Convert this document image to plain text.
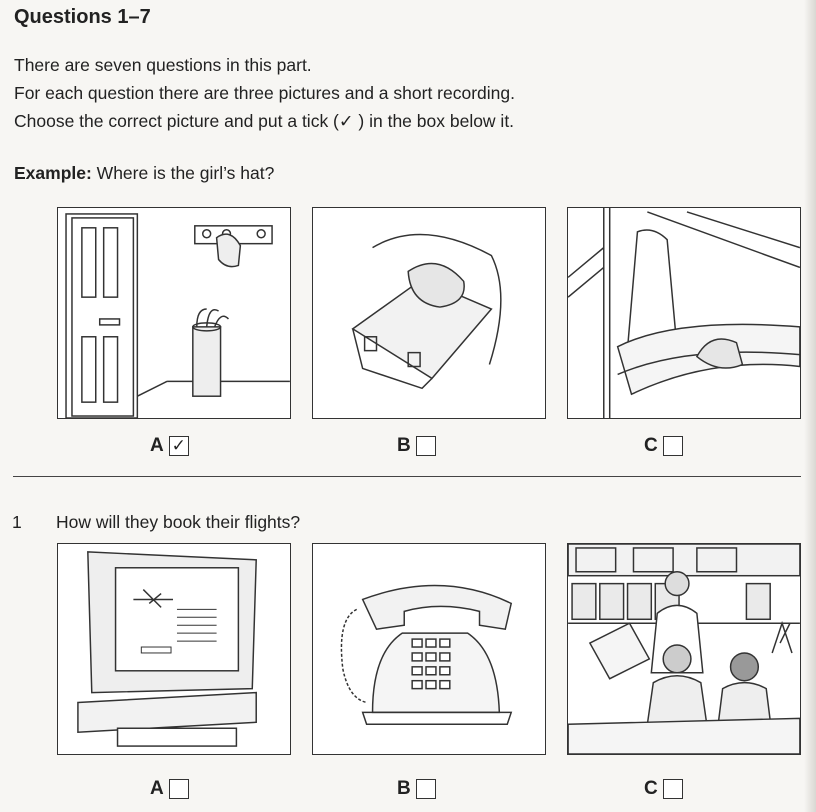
Questions 1–7
There are seven questions in this part.
For each question there are three pictures and a short recording.
Choose the correct picture and put a tick (✓ ) in the box below it.
Example: Where is the girl’s hat?
A ✓	B	C
1 How will they book their flights?
A	B	C
